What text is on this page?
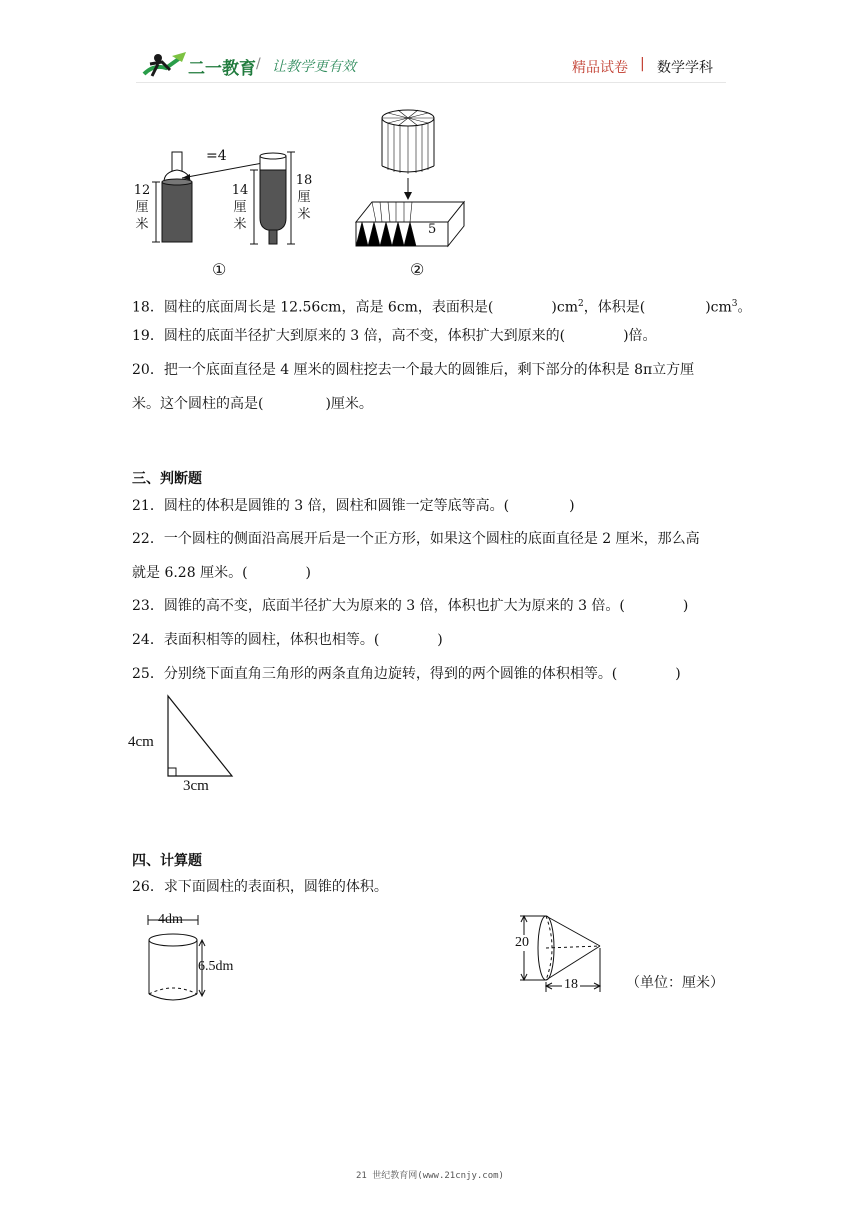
二一教育 / 让教学更有效	精品试卷 | 数学学科
=4
12
厘
米
14
厘
米
18
厘
米
①
5
②
18．圆柱的底面周长是 12.56cm，高是 6cm，表面积是(	)$cm^2$，体积是(	)$cm^3$。
19．圆柱的底面半径扩大到原来的 3 倍，高不变，体积扩大到原来的(	)倍。
20．把一个底面直径是 4 厘米的圆柱挖去一个最大的圆锥后，剩下部分的体积是 8π立方厘
米。这个圆柱的高是(	)厘米。
三、判断题
21．圆柱的体积是圆锥的 3 倍，圆柱和圆锥一定等底等高。(	)
22．一个圆柱的侧面沿高展开后是一个正方形，如果这个圆柱的底面直径是 2 厘米，那么高
就是 6.28 厘米。(	)
23．圆锥的高不变，底面半径扩大为原来的 3 倍，体积也扩大为原来的 3 倍。(	)
24．表面积相等的圆柱，体积也相等。(	)
25．分别绕下面直角三角形的两条直角边旋转，得到的两个圆锥的体积相等。(	)
4cm
3cm
四、计算题
26．求下面圆柱的表面积，圆锥的体积。
4dm
6.5dm
20
18	（单位：厘米）
21 世纪教育网(www.21cnjy.com)
